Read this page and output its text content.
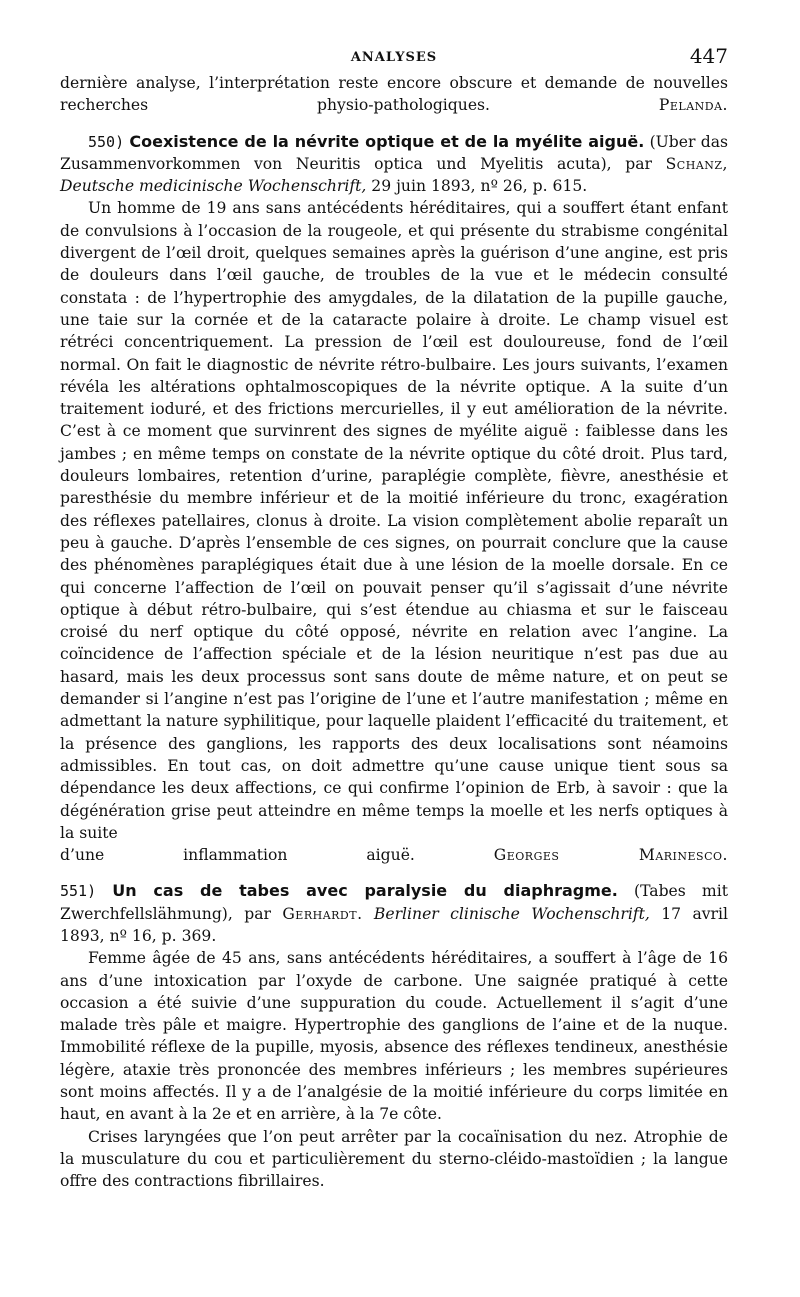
ANALYSES	447

dernière analyse, l’interprétation reste encore obscure et demande de nouvelles recherches physio-pathologiques.	Pelanda.

550) Coexistence de la névrite optique et de la myélite aiguë. (Uber das Zusammenvorkommen von Neuritis optica und Myelitis acuta), par Schanz, Deutsche medicinische Wochenschrift, 29 juin 1893, nº 26, p. 615.

Un homme de 19 ans sans antécédents héréditaires, qui a souffert étant enfant de convulsions à l’occasion de la rougeole, et qui présente du strabisme congénital divergent de l’œil droit, quelques semaines après la guérison d’une angine, est pris de douleurs dans l’œil gauche, de troubles de la vue et le médecin consulté constata : de l’hypertrophie des amygdales, de la dilatation de la pupille gauche, une taie sur la cornée et de la cataracte polaire à droite. Le champ visuel est rétréci concentriquement. La pression de l’œil est douloureuse, fond de l’œil normal. On fait le diagnostic de névrite rétro-bulbaire. Les jours suivants, l’examen révéla les altérations ophtalmoscopiques de la névrite optique. A la suite d’un traitement ioduré, et des frictions mercurielles, il y eut amélioration de la névrite. C’est à ce moment que survinrent des signes de myélite aiguë : faiblesse dans les jambes ; en même temps on constate de la névrite optique du côté droit. Plus tard, douleurs lombaires, retention d’urine, paraplégie complète, fièvre, anesthésie et paresthésie du membre inférieur et de la moitié inférieure du tronc, exagération des réflexes patellaires, clonus à droite. La vision complètement abolie reparaît un peu à gauche. D’après l’ensemble de ces signes, on pourrait conclure que la cause des phénomènes paraplégiques était due à une lésion de la moelle dorsale. En ce qui concerne l’affection de l’œil on pouvait penser qu’il s’agissait d’une névrite optique à début rétro-bulbaire, qui s’est étendue au chiasma et sur le faisceau croisé du nerf optique du côté opposé, névrite en relation avec l’angine. La coïncidence de l’affection spéciale et de la lésion neuritique n’est pas due au hasard, mais les deux processus sont sans doute de même nature, et on peut se demander si l’angine n’est pas l’origine de l’une et l’autre manifestation ; même en admettant la nature syphilitique, pour laquelle plaident l’efficacité du traitement, et la présence des ganglions, les rapports des deux localisations sont néamoins admissibles. En tout cas, on doit admettre qu’une cause unique tient sous sa dépendance les deux affections, ce qui confirme l’opinion de Erb, à savoir : que la dégénération grise peut atteindre en même temps la moelle et les nerfs optiques à la suite

d’une inflammation aiguë.	Georges Marinesco.

551) Un cas de tabes avec paralysie du diaphragme. (Tabes mit Zwerchfellslähmung), par Gerhardt. Berliner clinische Wochenschrift, 17 avril 1893, nº 16, p. 369.

Femme âgée de 45 ans, sans antécédents héréditaires, a souffert à l’âge de 16 ans d’une intoxication par l’oxyde de carbone. Une saignée pratiqué à cette occasion a été suivie d’une suppuration du coude. Actuellement il s’agit d’une malade très pâle et maigre. Hypertrophie des ganglions de l’aine et de la nuque. Immobilité réflexe de la pupille, myosis, absence des réflexes tendineux, anesthésie légère, ataxie très prononcée des membres inférieurs ; les membres supérieures sont moins affectés. Il y a de l’analgésie de la moitié inférieure du corps limitée en haut, en avant à la 2e et en arrière, à la 7e côte.

Crises laryngées que l’on peut arrêter par la cocaïnisation du nez. Atrophie de la musculature du cou et particulièrement du sterno-cléido-mastoïdien ; la langue offre des contractions fibrillaires.
